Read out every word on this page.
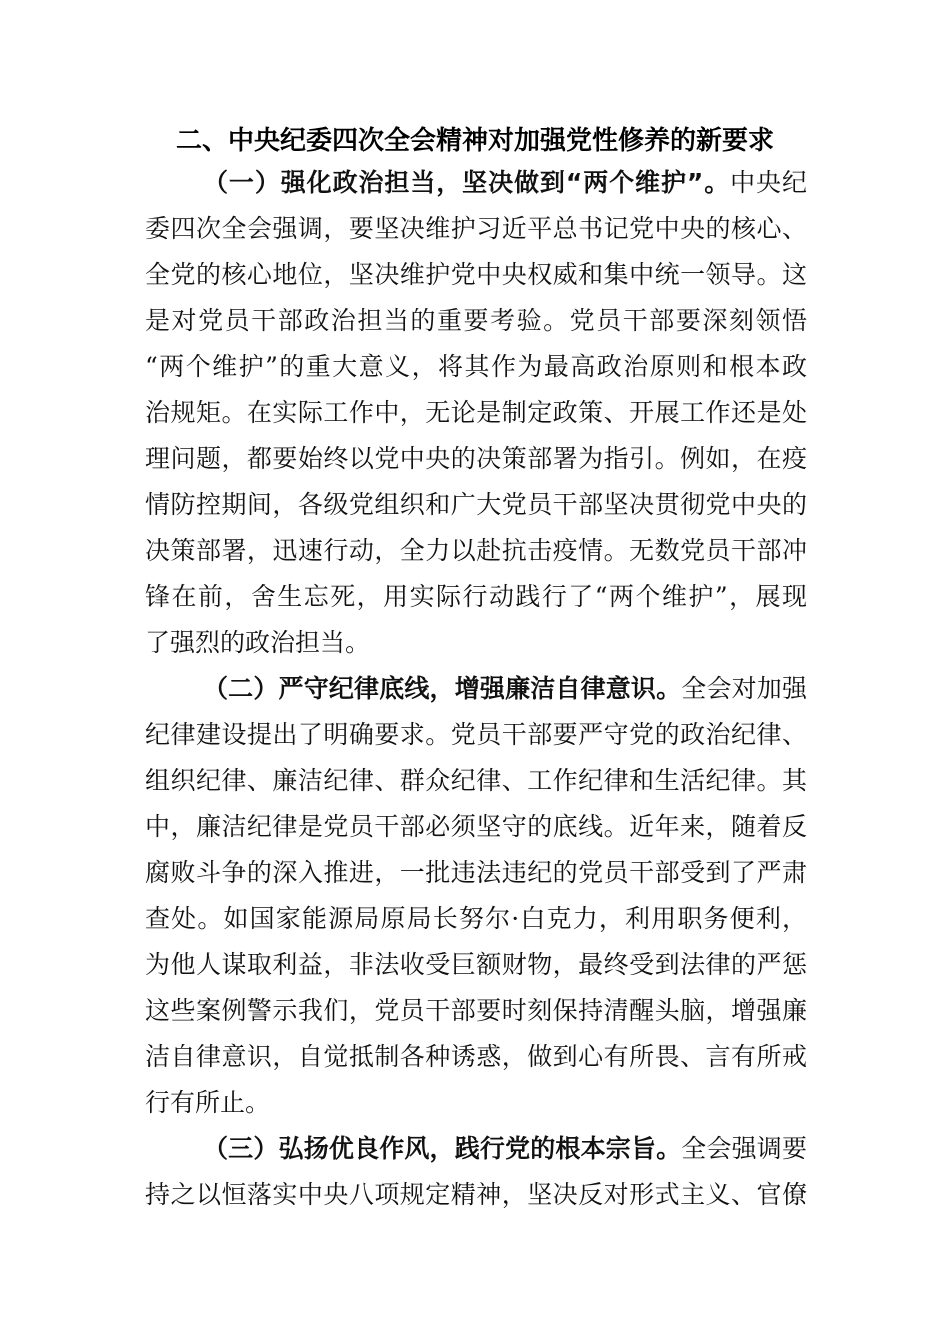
二、中央纪委四次全会精神对加强党性修养的新要求
（一）强化政治担当，坚决做到“两个维护”。中央纪
委四次全会强调，要坚决维护习近平总书记党中央的核心、
全党的核心地位，坚决维护党中央权威和集中统一领导。这
是对党员干部政治担当的重要考验。党员干部要深刻领悟
“两个维护”的重大意义，将其作为最高政治原则和根本政
治规矩。在实际工作中，无论是制定政策、开展工作还是处
理问题，都要始终以党中央的决策部署为指引。例如，在疫
情防控期间，各级党组织和广大党员干部坚决贯彻党中央的
决策部署，迅速行动，全力以赴抗击疫情。无数党员干部冲
锋在前，舍生忘死，用实际行动践行了“两个维护”，展现
了强烈的政治担当。
（二）严守纪律底线，增强廉洁自律意识。全会对加强
纪律建设提出了明确要求。党员干部要严守党的政治纪律、
组织纪律、廉洁纪律、群众纪律、工作纪律和生活纪律。其
中，廉洁纪律是党员干部必须坚守的底线。近年来，随着反
腐败斗争的深入推进，一批违法违纪的党员干部受到了严肃
查处。如国家能源局原局长努尔·白克力，利用职务便利，
为他人谋取利益，非法收受巨额财物，最终受到法律的严惩
这些案例警示我们，党员干部要时刻保持清醒头脑，增强廉
洁自律意识，自觉抵制各种诱惑，做到心有所畏、言有所戒
行有所止。
（三）弘扬优良作风，践行党的根本宗旨。全会强调要
持之以恒落实中央八项规定精神，坚决反对形式主义、官僚
